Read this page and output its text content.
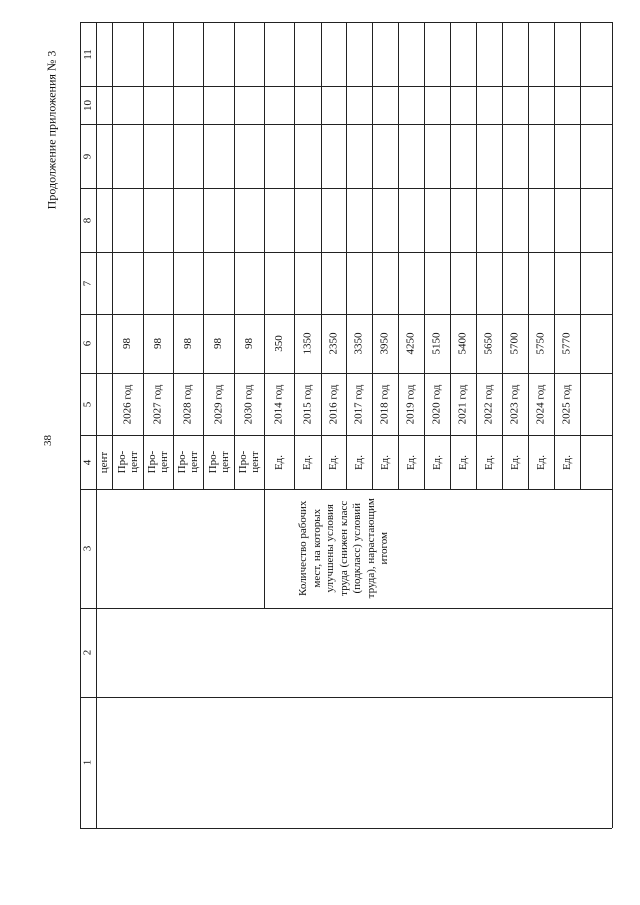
38
Продолжение приложения № 3
1
2
3
4
5
6
7
8
9
10
11
цент Про-
цент
2026 год
98
Про-
цент
2027 год
98
Про-
цент
2028 год
98
Про-
цент
2029 год
98
Про-
цент
2030 год
98
Количество рабочих мест, на которых улучшены условия труда (снижен класс (подкласс) условий труда), нарастающим итогом
Ед.
2014 год
350
Ед.
2015 год
1350
Ед.
2016 год
2350
Ед.
2017 год
3350
Ед.
2018 год
3950
Ед.
2019 год
4250
Ед.
2020 год
5150
Ед.
2021 год
5400
Ед.
2022 год
5650
Ед.
2023 год
5700
Ед.
2024 год
5750
Ед.
2025 год
5770
